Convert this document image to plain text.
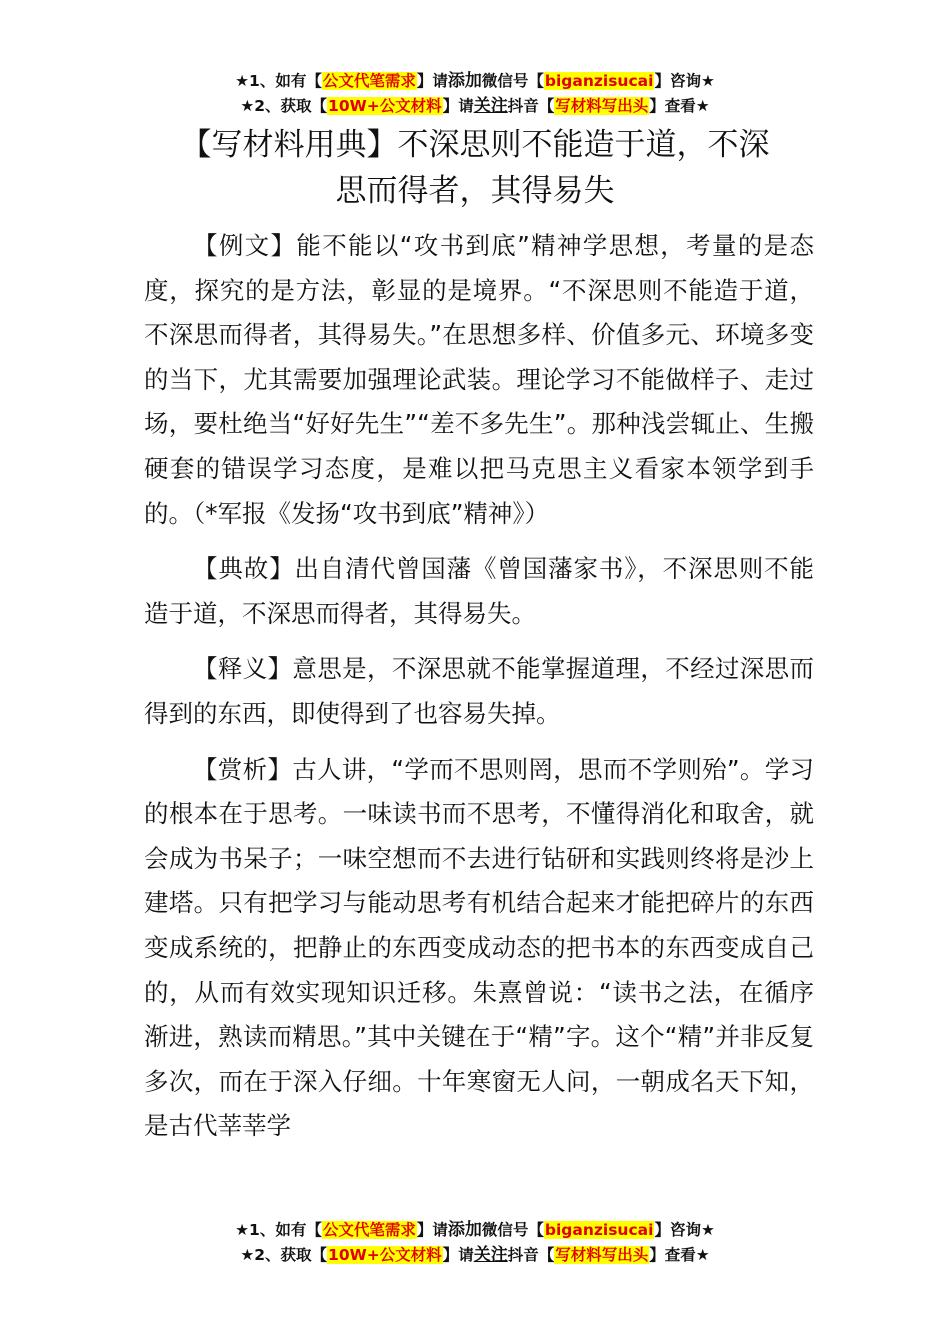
★1、如有【公文代笔需求】请添加微信号【biganzisucai】咨询★
★2、获取【10W+公文材料】请关注抖音【写材料写出头】查看★
【写材料用典】不深思则不能造于道，不深
思而得者，其得易失

【例文】能不能以“攻书到底”精神学思想，考量的是态度，探究的是方法，彰显的是境界。“不深思则不能造于道，不深思而得者，其得易失。”在思想多样、价值多元、环境多变的当下，尤其需要加强理论武装。理论学习不能做样子、走过场，要杜绝当“好好先生”“差不多先生”。那种浅尝辄止、生搬硬套的错误学习态度，是难以把马克思主义看家本领学到手的。（*军报《发扬“攻书到底”精神》）

【典故】出自清代曾国藩《曾国藩家书》，不深思则不能造于道，不深思而得者，其得易失。

【释义】意思是，不深思就不能掌握道理，不经过深思而得到的东西，即使得到了也容易失掉。

【赏析】古人讲，“学而不思则罔，思而不学则殆”。学习的根本在于思考。一味读书而不思考，不懂得消化和取舍，就会成为书呆子；一味空想而不去进行钻研和实践则终将是沙上建塔。只有把学习与能动思考有机结合起来才能把碎片的东西变成系统的，把静止的东西变成动态的把书本的东西变成自己的，从而有效实现知识迁移。朱熹曾说：“读书之法，在循序渐进，熟读而精思。”其中关键在于“精”字。这个“精”并非反复多次，而在于深入仔细。十年寒窗无人问，一朝成名天下知，是古代莘莘学

★1、如有【公文代笔需求】请添加微信号【biganzisucai】咨询★
★2、获取【10W+公文材料】请关注抖音【写材料写出头】查看★
